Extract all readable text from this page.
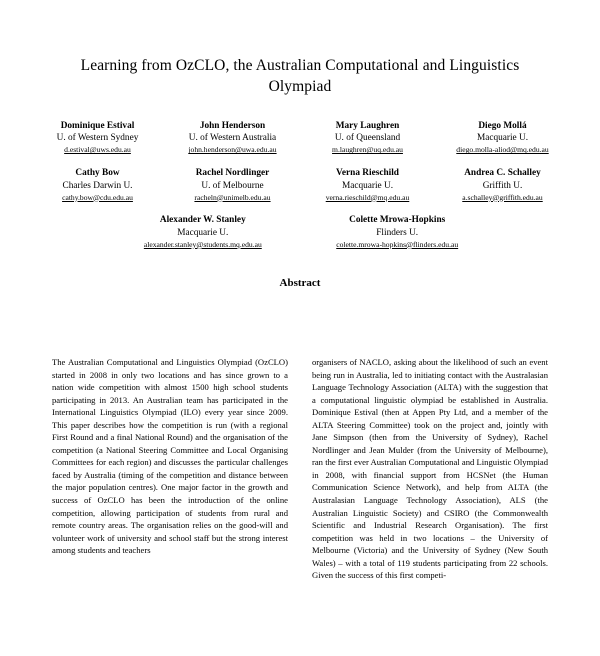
Learning from OzCLO, the Australian Computational and Linguistics Olympiad
Dominique Estival
U. of Western Sydney
d.estival@uws.edu.au
John Henderson
U. of Western Australia
john.henderson@uwa.edu.au
Mary Laughren
U. of Queensland
m.laughren@uq.edu.au
Diego Mollá
Macquarie U.
diego.molla-aliod@mq.edu.au
Cathy Bow
Charles Darwin U.
cathy.bow@cdu.edu.au
Rachel Nordlinger
U. of Melbourne
racheln@unimelb.edu.au
Verna Rieschild
Macquarie U.
verna.rieschild@mq.edu.au
Andrea C. Schalley
Griffith U.
a.schalley@griffith.edu.au
Alexander W. Stanley
Macquarie U.
alexander.stanley@students.mq.edu.au
Colette Mrowa-Hopkins
Flinders U.
colette.mrowa-hopkins@flinders.edu.au
Abstract

The Australian Computational and Linguistics Olympiad (OzCLO) started in 2008 in only two locations and has since grown to a nation wide competition with almost 1500 high school students participating in 2013. An Australian team has participated in the International Linguistics Olympiad (ILO) every year since 2009. This paper describes how the competition is run (with a regional First Round and a final National Round) and the organisation of the competition (a National Steering Committee and Local Organising Committees for each region) and discusses the particular challenges faced by Australia (timing of the competition and distance between the major population centres). One major factor in the growth and success of OzCLO has been the introduction of the online competition, allowing participation of students from rural and remote country areas. The organisation relies on the good-will and volunteer work of university and school staff but the strong interest among students and teachers

organisers of NACLO, asking about the likelihood of such an event being run in Australia, led to initiating contact with the Australasian Language Technology Association (ALTA) with the suggestion that a computational linguistic olympiad be established in Australia. Dominique Estival (then at Appen Pty Ltd, and a member of the ALTA Steering Committee) took on the project and, jointly with Jane Simpson (then from the University of Sydney), Rachel Nordlinger and Jean Mulder (from the University of Melbourne), ran the first ever Australian Computational and Linguistic Olympiad in 2008, with financial support from HCSNet (the Human Communication Science Network), and help from ALTA (the Australasian Language Technology Association), ALS (the Australian Linguistic Society) and CSIRO (the Commonwealth Scientific and Industrial Research Organisation). The first competition was held in two locations – the University of Melbourne (Victoria) and the University of Sydney (New South Wales) – with a total of 119 students participating from 22 schools. Given the success of this first competi-
